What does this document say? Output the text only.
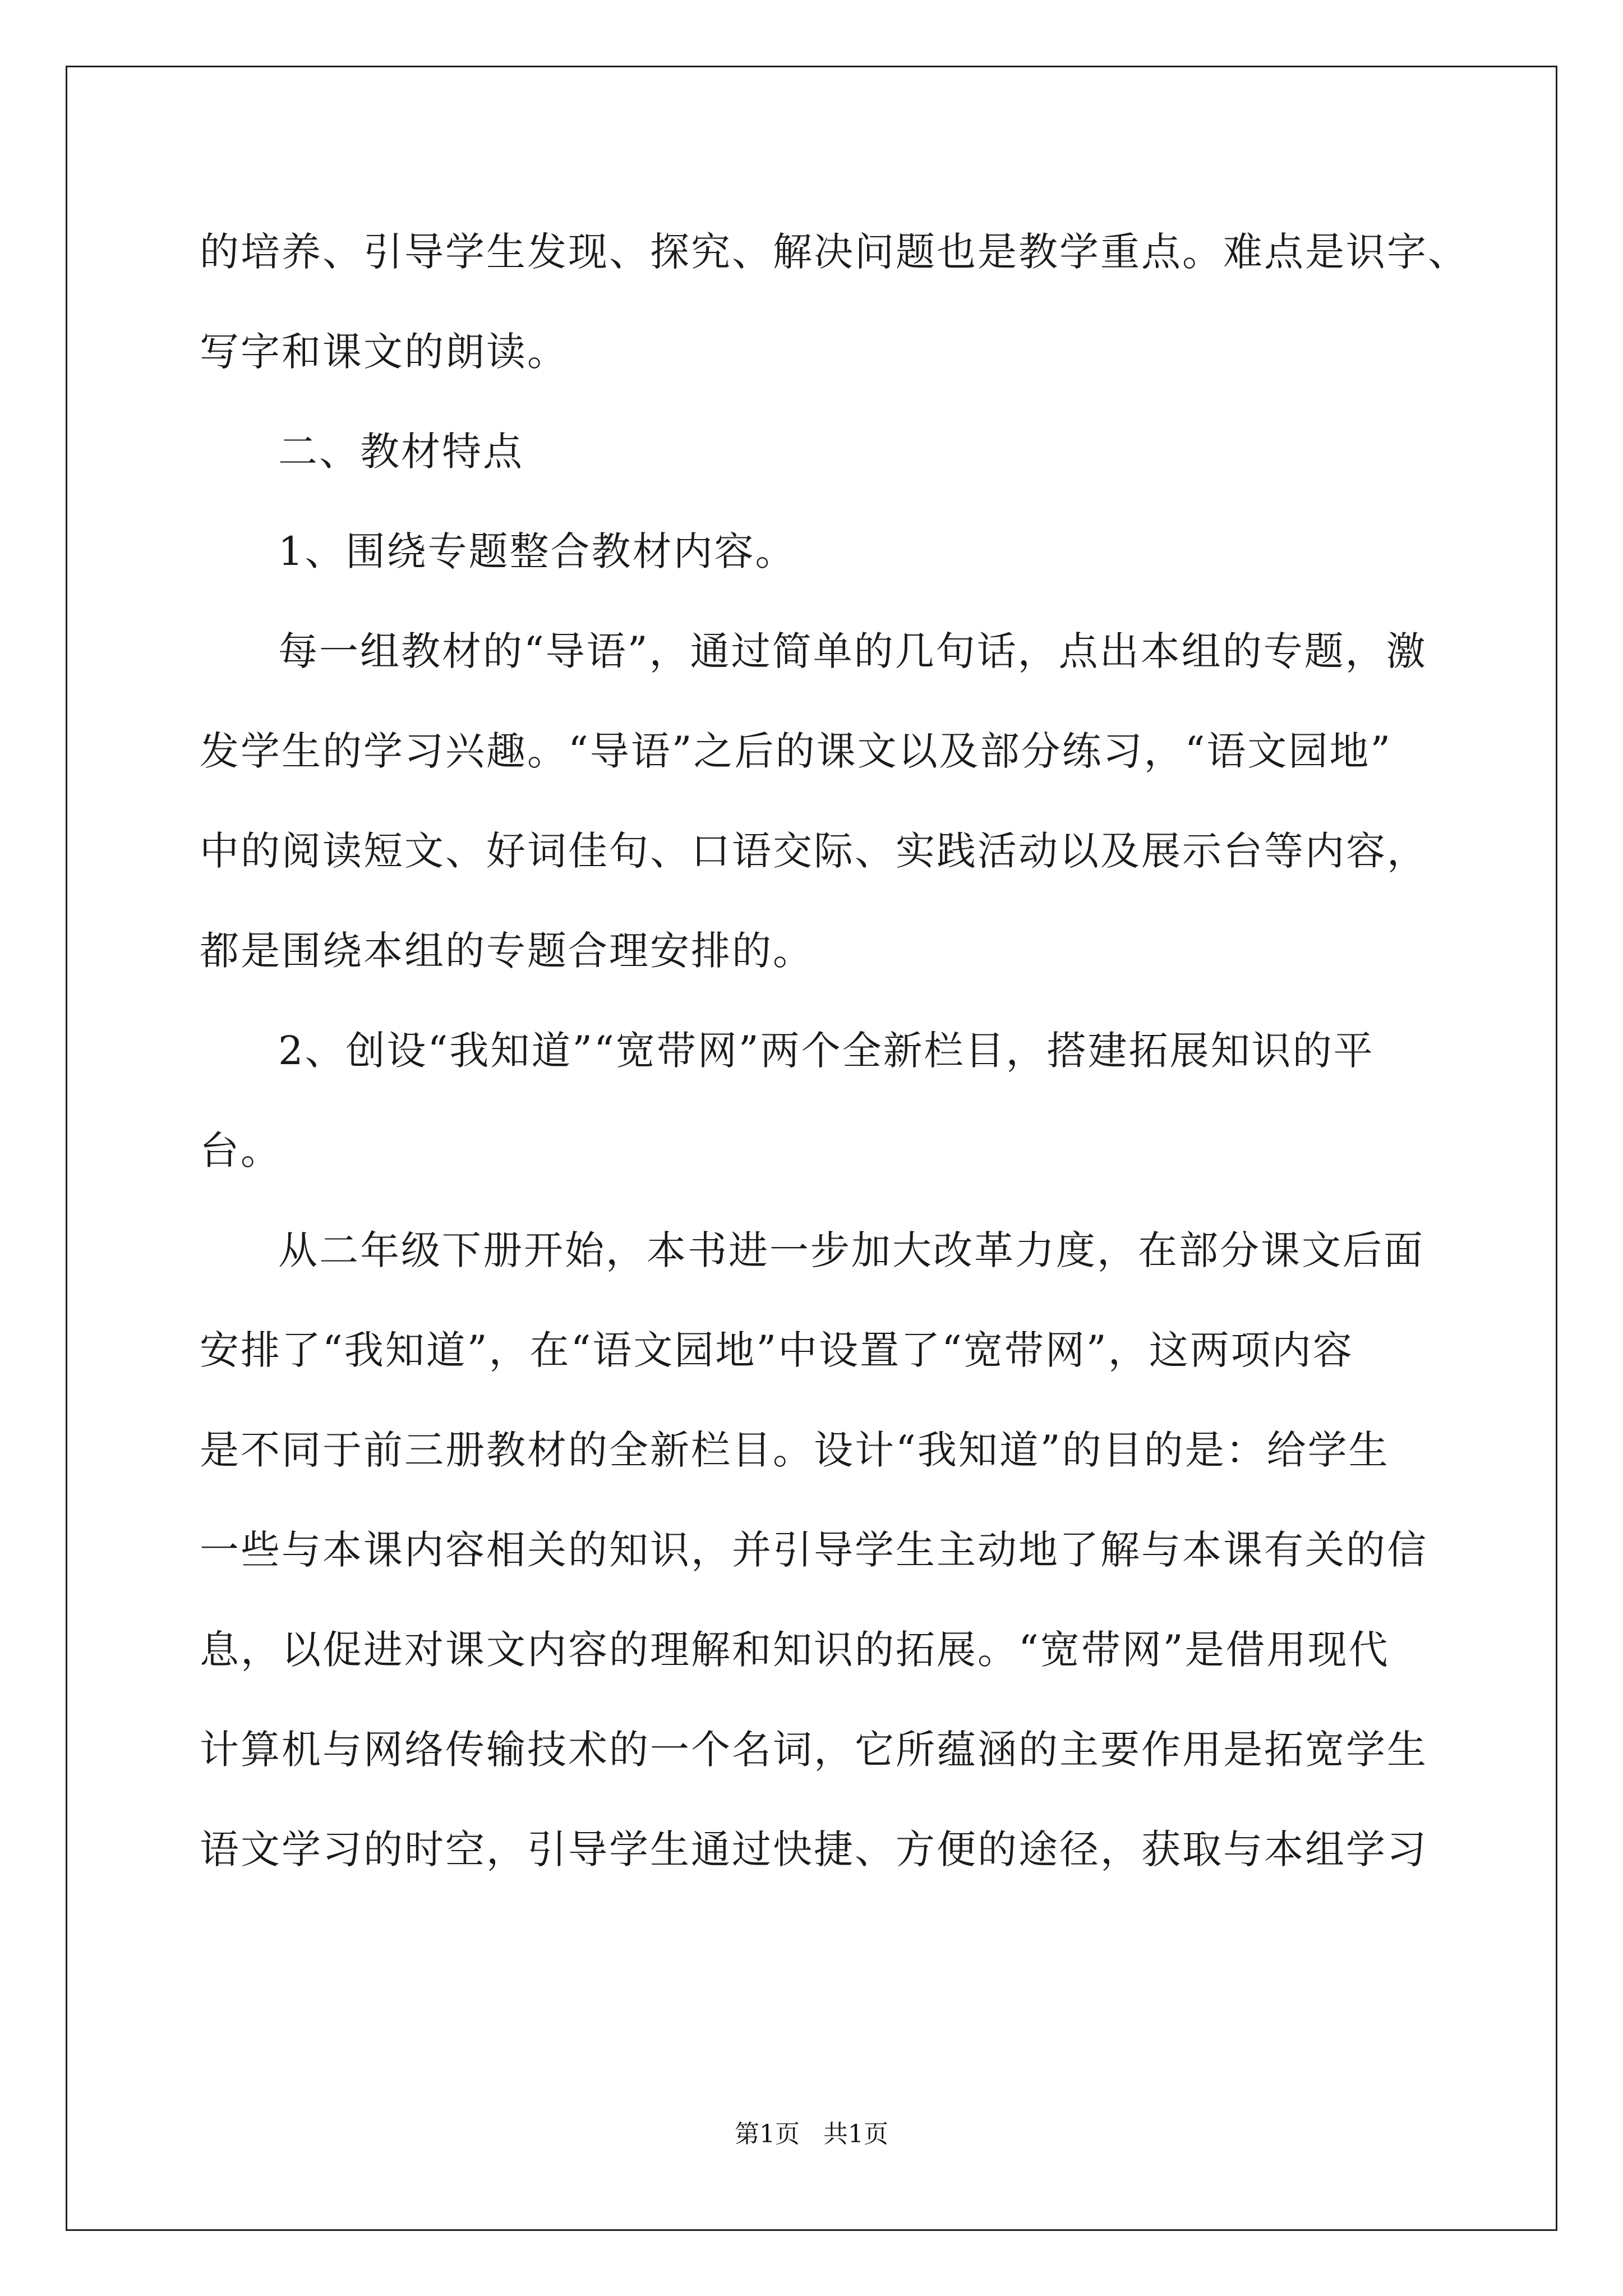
的培养、引导学生发现、探究、解决问题也是教学重点。难点是识字、
写字和课文的朗读。
二、教材特点
1、围绕专题整合教材内容。
每一组教材的“导语”，通过简单的几句话，点出本组的专题，激
发学生的学习兴趣。“导语”之后的课文以及部分练习，“语文园地”
中的阅读短文、好词佳句、口语交际、实践活动以及展示台等内容，
都是围绕本组的专题合理安排的。
2、创设“我知道”“宽带网”两个全新栏目，搭建拓展知识的平
台。
从二年级下册开始，本书进一步加大改革力度，在部分课文后面
安排了“我知道”，在“语文园地”中设置了“宽带网”，这两项内容
是不同于前三册教材的全新栏目。设计“我知道”的目的是：给学生
一些与本课内容相关的知识，并引导学生主动地了解与本课有关的信
息，以促进对课文内容的理解和知识的拓展。“宽带网”是借用现代
计算机与网络传输技术的一个名词，它所蕴涵的主要作用是拓宽学生
语文学习的时空，引导学生通过快捷、方便的途径，获取与本组学习
第1页 共1页
